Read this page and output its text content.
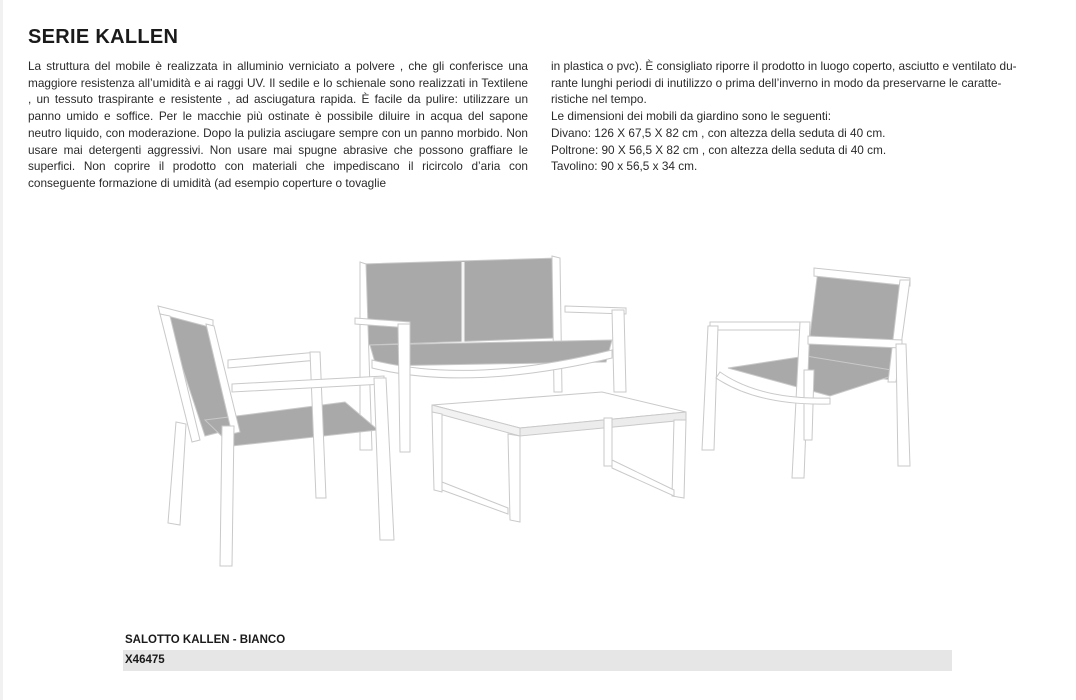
SERIE KALLEN

La struttura del mobile è realizzata in alluminio verniciato a polvere , che gli conferisce una maggiore resistenza all’umidità e ai raggi UV. Il sedile e lo schienale sono realizzati in Textilene , un tessuto traspirante e resistente , ad asciugatura rapida. È facile da pulire: utilizzare un panno umido e soffice. Per le macchie più ostinate è possibile diluire in acqua del sapone neutro liquido, con moderazione. Dopo la pulizia asciugare sempre con un panno morbido. Non usare mai detergenti aggressivi. Non usare mai spugne abrasive che possono graffiare le superfici. Non coprire il prodotto con materiali che impediscano il ricircolo d’aria con conseguente formazione di umidità (ad esempio coperture o tovaglie

in plastica o pvc). È consigliato riporre il prodotto in luogo coperto, asciutto e ventilato du-

rante lunghi periodi di inutilizzo o prima dell’inverno in modo da preservarne le caratte-

ristiche nel tempo.

Le dimensioni dei mobili da giardino sono le seguenti:

Divano: 126 X 67,5 X 82 cm , con altezza della seduta di 40 cm.

Poltrone: 90 X 56,5 X 82 cm , con altezza della seduta di 40 cm.

Tavolino: 90 x 56,5 x 34 cm.

SALOTTO KALLEN - BIANCO
X46475
